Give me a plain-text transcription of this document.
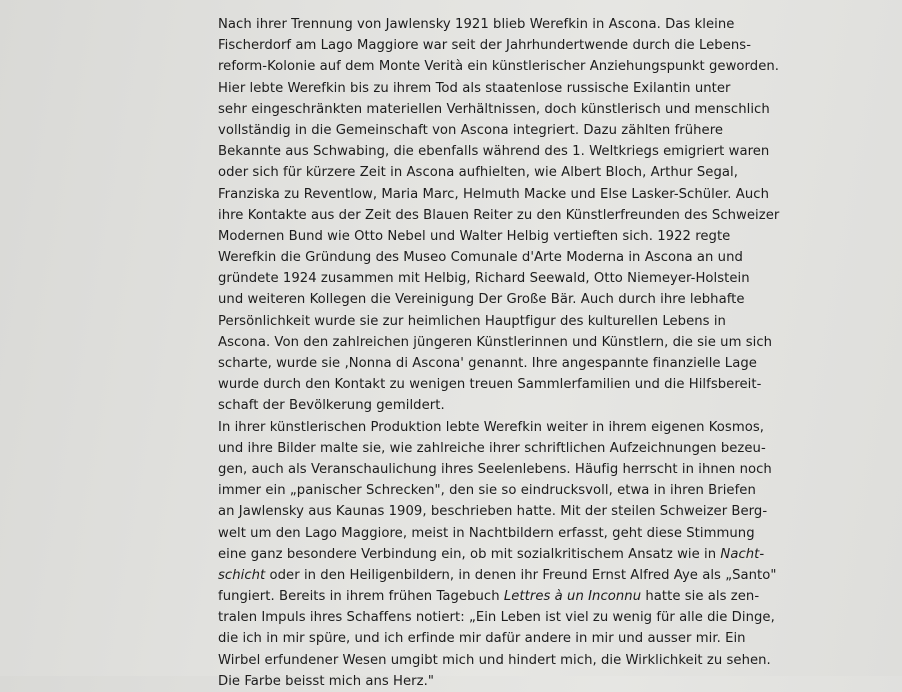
Nach ihrer Trennung von Jawlensky 1921 blieb Werefkin in Ascona. Das kleine
Fischerdorf am Lago Maggiore war seit der Jahrhundertwende durch die Lebens-
reform-Kolonie auf dem Monte Verità ein künstlerischer Anziehungspunkt geworden.
Hier lebte Werefkin bis zu ihrem Tod als staatenlose russische Exilantin unter
sehr eingeschränkten materiellen Verhältnissen, doch künstlerisch und menschlich
vollständig in die Gemeinschaft von Ascona integriert. Dazu zählten frühere
Bekannte aus Schwabing, die ebenfalls während des 1. Weltkriegs emigriert waren
oder sich für kürzere Zeit in Ascona aufhielten, wie Albert Bloch, Arthur Segal,
Franziska zu Reventlow, Maria Marc, Helmuth Macke und Else Lasker-Schüler. Auch
ihre Kontakte aus der Zeit des Blauen Reiter zu den Künstlerfreunden des Schweizer
Modernen Bund wie Otto Nebel und Walter Helbig vertieften sich. 1922 regte
Werefkin die Gründung des Museo Comunale d'Arte Moderna in Ascona an und
gründete 1924 zusammen mit Helbig, Richard Seewald, Otto Niemeyer-Holstein
und weiteren Kollegen die Vereinigung Der Große Bär. Auch durch ihre lebhafte
Persönlichkeit wurde sie zur heimlichen Hauptfigur des kulturellen Lebens in
Ascona. Von den zahlreichen jüngeren Künstlerinnen und Künstlern, die sie um sich
scharte, wurde sie ‚Nonna di Ascona' genannt. Ihre angespannte finanzielle Lage
wurde durch den Kontakt zu wenigen treuen Sammlerfamilien und die Hilfsbereit-
schaft der Bevölkerung gemildert.
In ihrer künstlerischen Produktion lebte Werefkin weiter in ihrem eigenen Kosmos,
und ihre Bilder malte sie, wie zahlreiche ihrer schriftlichen Aufzeichnungen bezeu-
gen, auch als Veranschaulichung ihres Seelenlebens. Häufig herrscht in ihnen noch
immer ein „panischer Schrecken", den sie so eindrucksvoll, etwa in ihren Briefen
an Jawlensky aus Kaunas 1909, beschrieben hatte. Mit der steilen Schweizer Berg-
welt um den Lago Maggiore, meist in Nachtbildern erfasst, geht diese Stimmung
eine ganz besondere Verbindung ein, ob mit sozialkritischem Ansatz wie in Nacht-
schicht oder in den Heiligenbildern, in denen ihr Freund Ernst Alfred Aye als „Santo"
fungiert. Bereits in ihrem frühen Tagebuch Lettres à un Inconnu hatte sie als zen-
tralen Impuls ihres Schaffens notiert: „Ein Leben ist viel zu wenig für alle die Dinge,
die ich in mir spüre, und ich erfinde mir dafür andere in mir und ausser mir. Ein
Wirbel erfundener Wesen umgibt mich und hindert mich, die Wirklichkeit zu sehen.
Die Farbe beisst mich ans Herz."
